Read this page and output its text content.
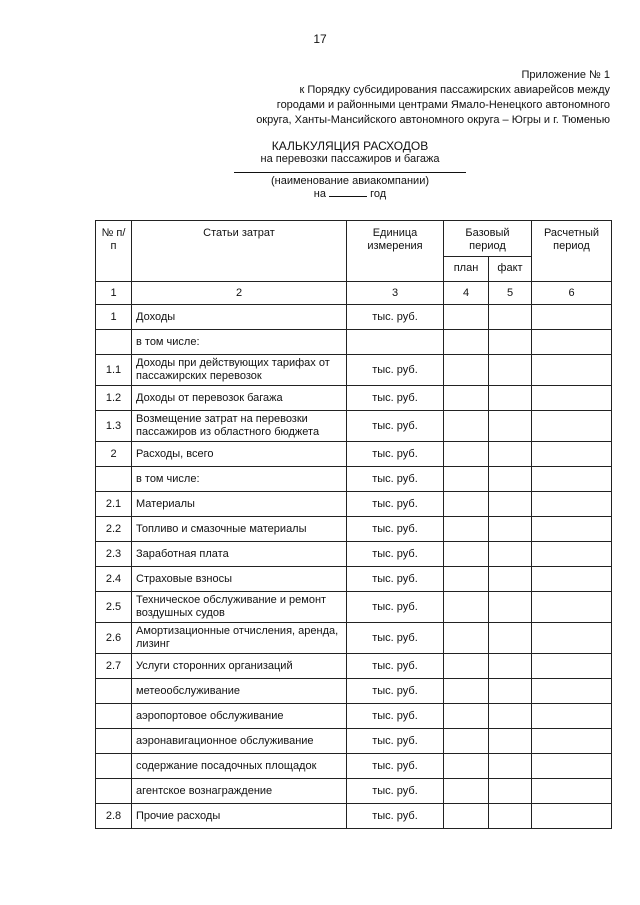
17
Приложение № 1
к Порядку субсидирования пассажирских авиарейсов между
городами и районными центрами Ямало-Ненецкого автономного
округа, Ханты-Мансийского автономного округа – Югры и г. Тюменью
КАЛЬКУЛЯЦИЯ РАСХОДОВ
на перевозки пассажиров и багажа
(наименование авиакомпании)
на	год
№ п/п	Статьи затрат	Единица измерения	Базовый период		Расчетный период
			план	факт	
1	2	3	4	5	6
1	Доходы	тыс. руб.			
	в том числе:				
1.1	Доходы при действующих тарифах от пассажирских перевозок	тыс. руб.			
1.2	Доходы от перевозок багажа	тыс. руб.			
1.3	Возмещение затрат на перевозки пассажиров из областного бюджета	тыс. руб.			
2	Расходы, всего	тыс. руб.			
	в том числе:	тыс. руб.			
2.1	Материалы	тыс. руб.			
2.2	Топливо и смазочные материалы	тыс. руб.			
2.3	Заработная плата	тыс. руб.			
2.4	Страховые взносы	тыс. руб.			
2.5	Техническое обслуживание и ремонт воздушных судов	тыс. руб.			
2.6	Амортизационные отчисления, аренда, лизинг	тыс. руб.			
2.7	Услуги сторонних организаций	тыс. руб.			
	метеообслуживание	тыс. руб.			
	аэропортовое обслуживание	тыс. руб.			
	аэронавигационное обслуживание	тыс. руб.			
	содержание посадочных площадок	тыс. руб.			
	агентское вознаграждение	тыс. руб.			
2.8	Прочие расходы	тыс. руб.			
